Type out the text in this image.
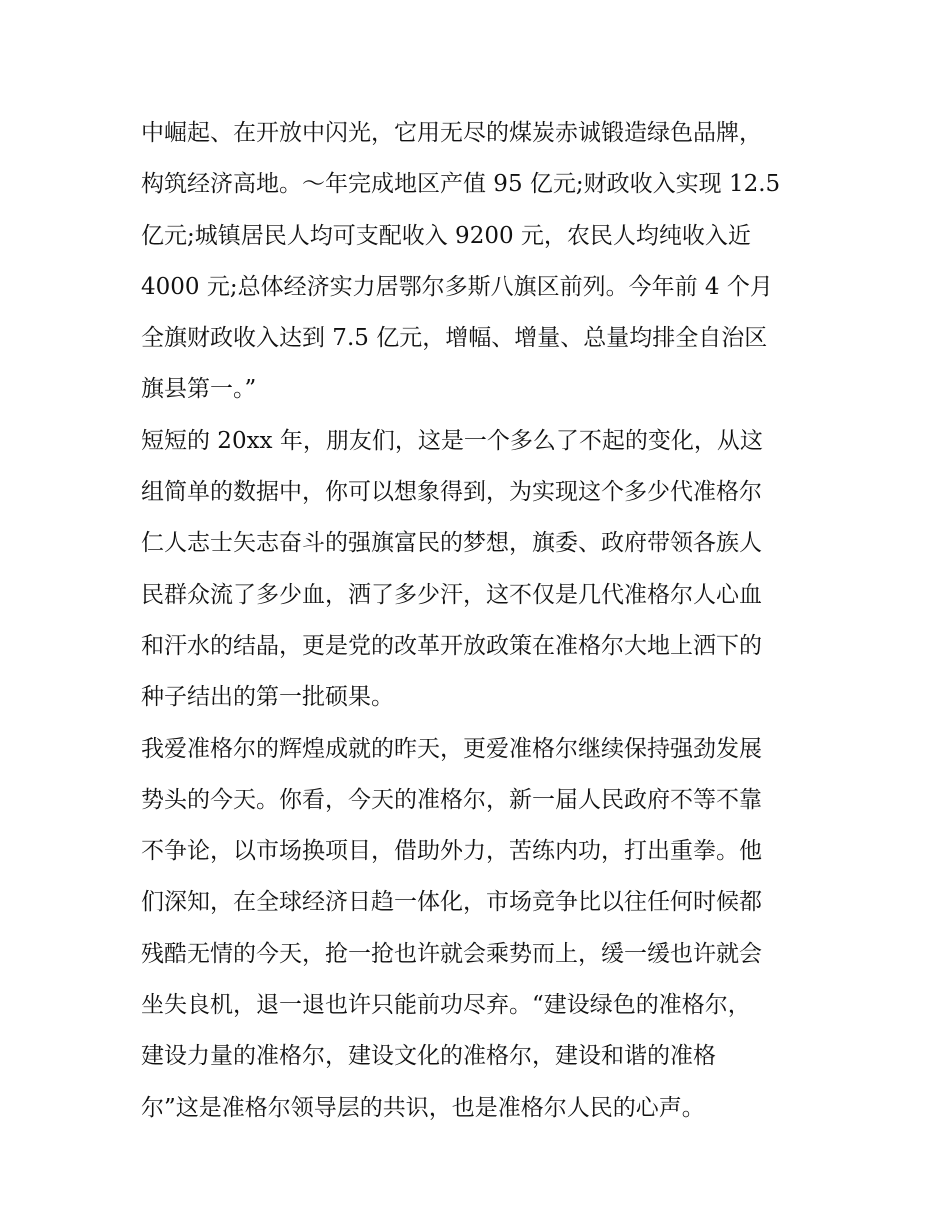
中崛起、在开放中闪光，它用无尽的煤炭赤诚锻造绿色品牌，
构筑经济高地。～年完成地区产值 95 亿元;财政收入实现 12.5
亿元;城镇居民人均可支配收入 9200 元，农民人均纯收入近
4000 元;总体经济实力居鄂尔多斯八旗区前列。今年前 4 个月
全旗财政收入达到 7.5 亿元，增幅、增量、总量均排全自治区
旗县第一。”
短短的 20xx 年，朋友们，这是一个多么了不起的变化，从这
组简单的数据中，你可以想象得到，为实现这个多少代准格尔
仁人志士矢志奋斗的强旗富民的梦想，旗委、政府带领各族人
民群众流了多少血，洒了多少汗，这不仅是几代准格尔人心血
和汗水的结晶，更是党的改革开放政策在准格尔大地上洒下的
种子结出的第一批硕果。
我爱准格尔的辉煌成就的昨天，更爱准格尔继续保持强劲发展
势头的今天。你看，今天的准格尔，新一届人民政府不等不靠
不争论，以市场换项目，借助外力，苦练内功，打出重拳。他
们深知，在全球经济日趋一体化，市场竞争比以往任何时候都
残酷无情的今天，抢一抢也许就会乘势而上，缓一缓也许就会
坐失良机，退一退也许只能前功尽弃。“建设绿色的准格尔，
建设力量的准格尔，建设文化的准格尔，建设和谐的准格
尔”这是准格尔领导层的共识，也是准格尔人民的心声。
